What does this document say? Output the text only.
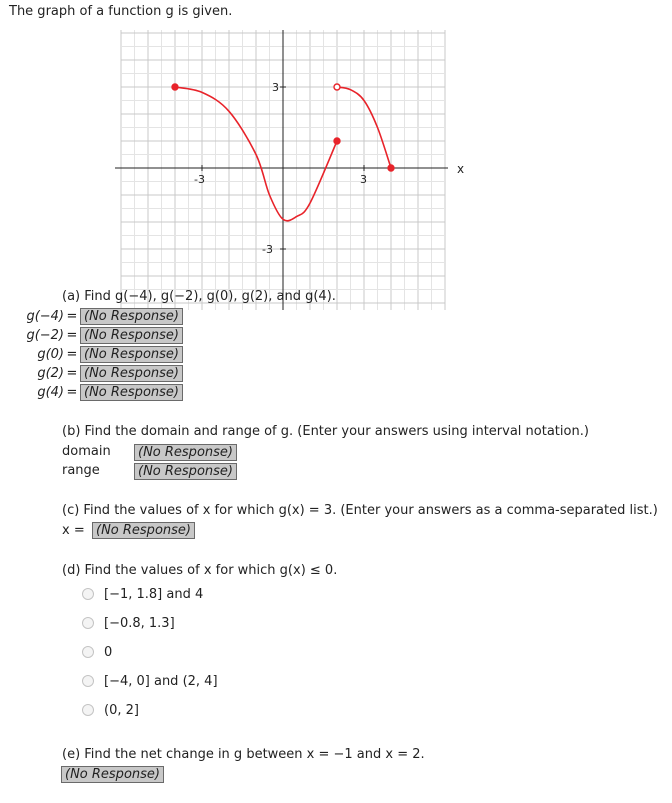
The graph of a function g is given.
x
-3	3
3
-3
(a) Find g(−4), g(−2), g(0), g(2), and g(4).
g(−4) = (No Response)
g(−2) = (No Response)
g(0) = (No Response)
g(2) = (No Response)
g(4) = (No Response)
(b) Find the domain and range of g. (Enter your answers using interval notation.)
domain	(No Response)
range	(No Response)
(c) Find the values of x for which g(x) = 3. (Enter your answers as a comma-separated list.)
x = (No Response)
(d) Find the values of x for which g(x) ≤ 0.
[−1, 1.8] and 4
[−0.8, 1.3]
0
[−4, 0] and (2, 4]
(0, 2]
(e) Find the net change in g between x = −1 and x = 2.
(No Response)
